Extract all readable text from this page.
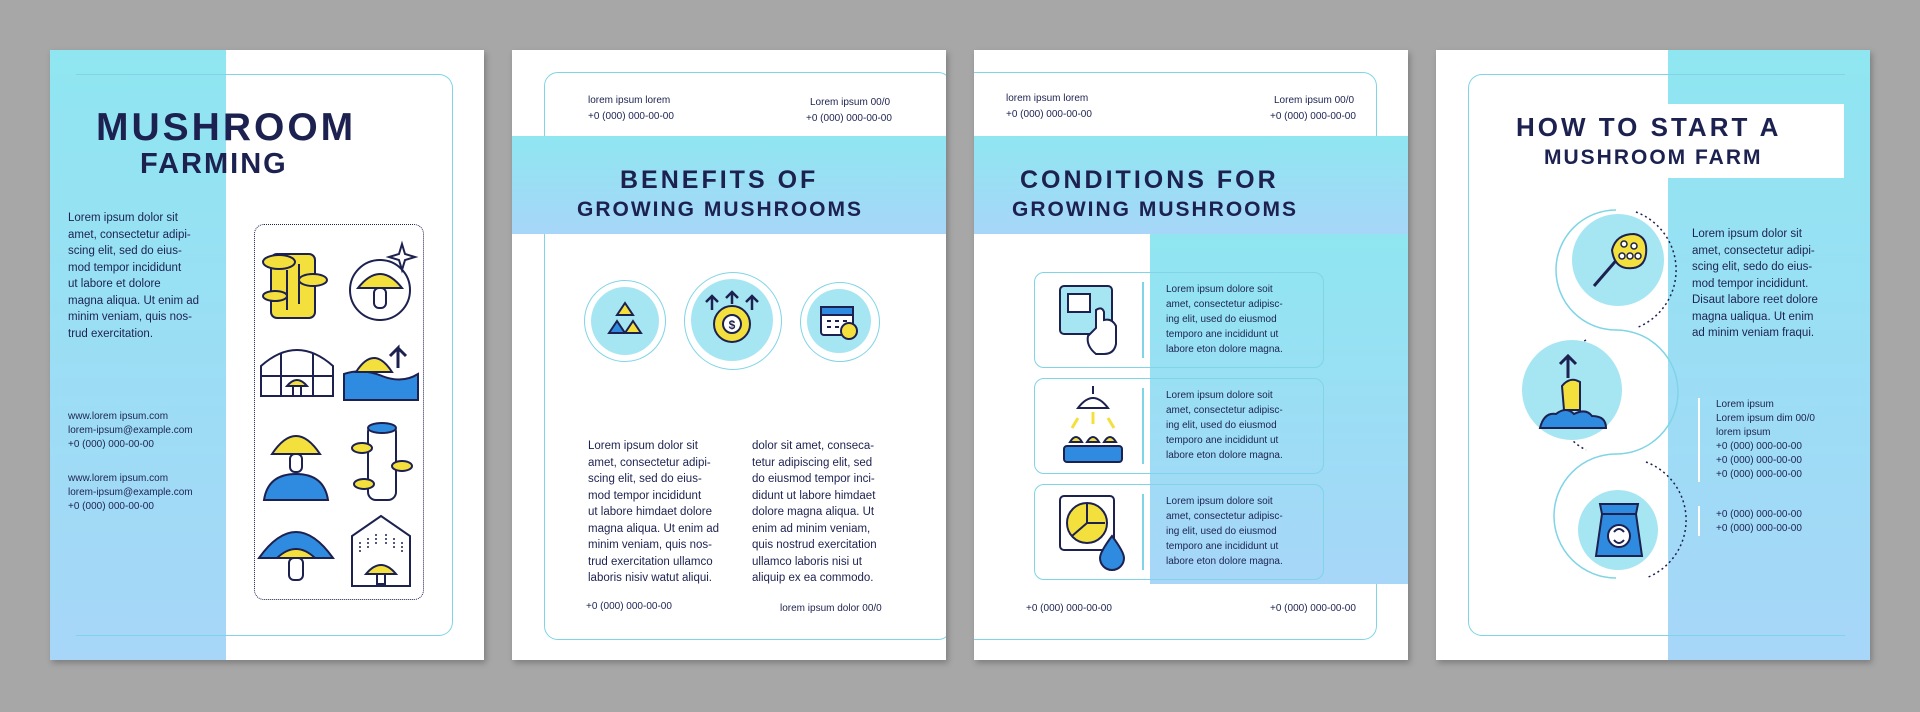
MUSHROOM
FARMING
Lorem ipsum dolor sit
amet, consectetur adipi-
scing elit, sed do eius-
mod tempor incididunt
ut labore et dolore
magna aliqua. Ut enim ad
minim veniam, quis nos-
trud exercitation.
www.lorem ipsum.com
lorem-ipsum@example.com
+0 (000) 000-00-00
www.lorem ipsum.com
lorem-ipsum@example.com
+0 (000) 000-00-00
lorem ipsum lorem
+0 (000) 000-00-00
Lorem ipsum 00/0
+0 (000) 000-00-00
BENEFITS OF
GROWING MUSHROOMS
$
Lorem ipsum dolor sit
amet, consectetur adipi-
scing elit, sed do eius-
mod tempor incididunt
ut labore himdaet dolore
magna aliqua. Ut enim ad
minim veniam, quis nos-
trud exercitation ullamco
laboris nisiv watut aliqui.
dolor sit amet, consecа-
tetur adipiscing elit, sed
do eiusmod tempor inci-
didunt ut labore himdaet
dolore magna aliqua. Ut
enim ad minim veniam,
quis nostrud exercitation
ullamco laboris nisi ut
aliquip ex ea commodo.
+0 (000) 000-00-00	lorem ipsum dolor 00/0
lorem ipsum lorem
+0 (000) 000-00-00
Lorem ipsum 00/0
+0 (000) 000-00-00
CONDITIONS FOR
GROWING MUSHROOMS
Lorem ipsum dolore soit
amet, consectetur adipisc-
ing elit, used do eiusmod
temporo ane incididunt ut
labore eton dolore magna.
Lorem ipsum dolore soit
amet, consectetur adipisc-
ing elit, used do eiusmod
temporo ane incididunt ut
labore eton dolore magna.
Lorem ipsum dolore soit
amet, consectetur adipisc-
ing elit, used do eiusmod
temporo ane incididunt ut
labore eton dolore magna.
+0 (000) 000-00-00	+0 (000) 000-00-00
HOW TO START A
MUSHROOM FARM
Lorem ipsum dolor sit
amet, consectetur adipi-
scing elit, sedo do eius-
mod tempor incididunt.
Disaut labore reet dolore
magna ualiqua. Ut enim
ad minim veniam fraqui.
Lorem ipsum
Lorem ipsum dim 00/0
lorem ipsum
+0 (000) 000-00-00
+0 (000) 000-00-00
+0 (000) 000-00-00
+0 (000) 000-00-00
+0 (000) 000-00-00
